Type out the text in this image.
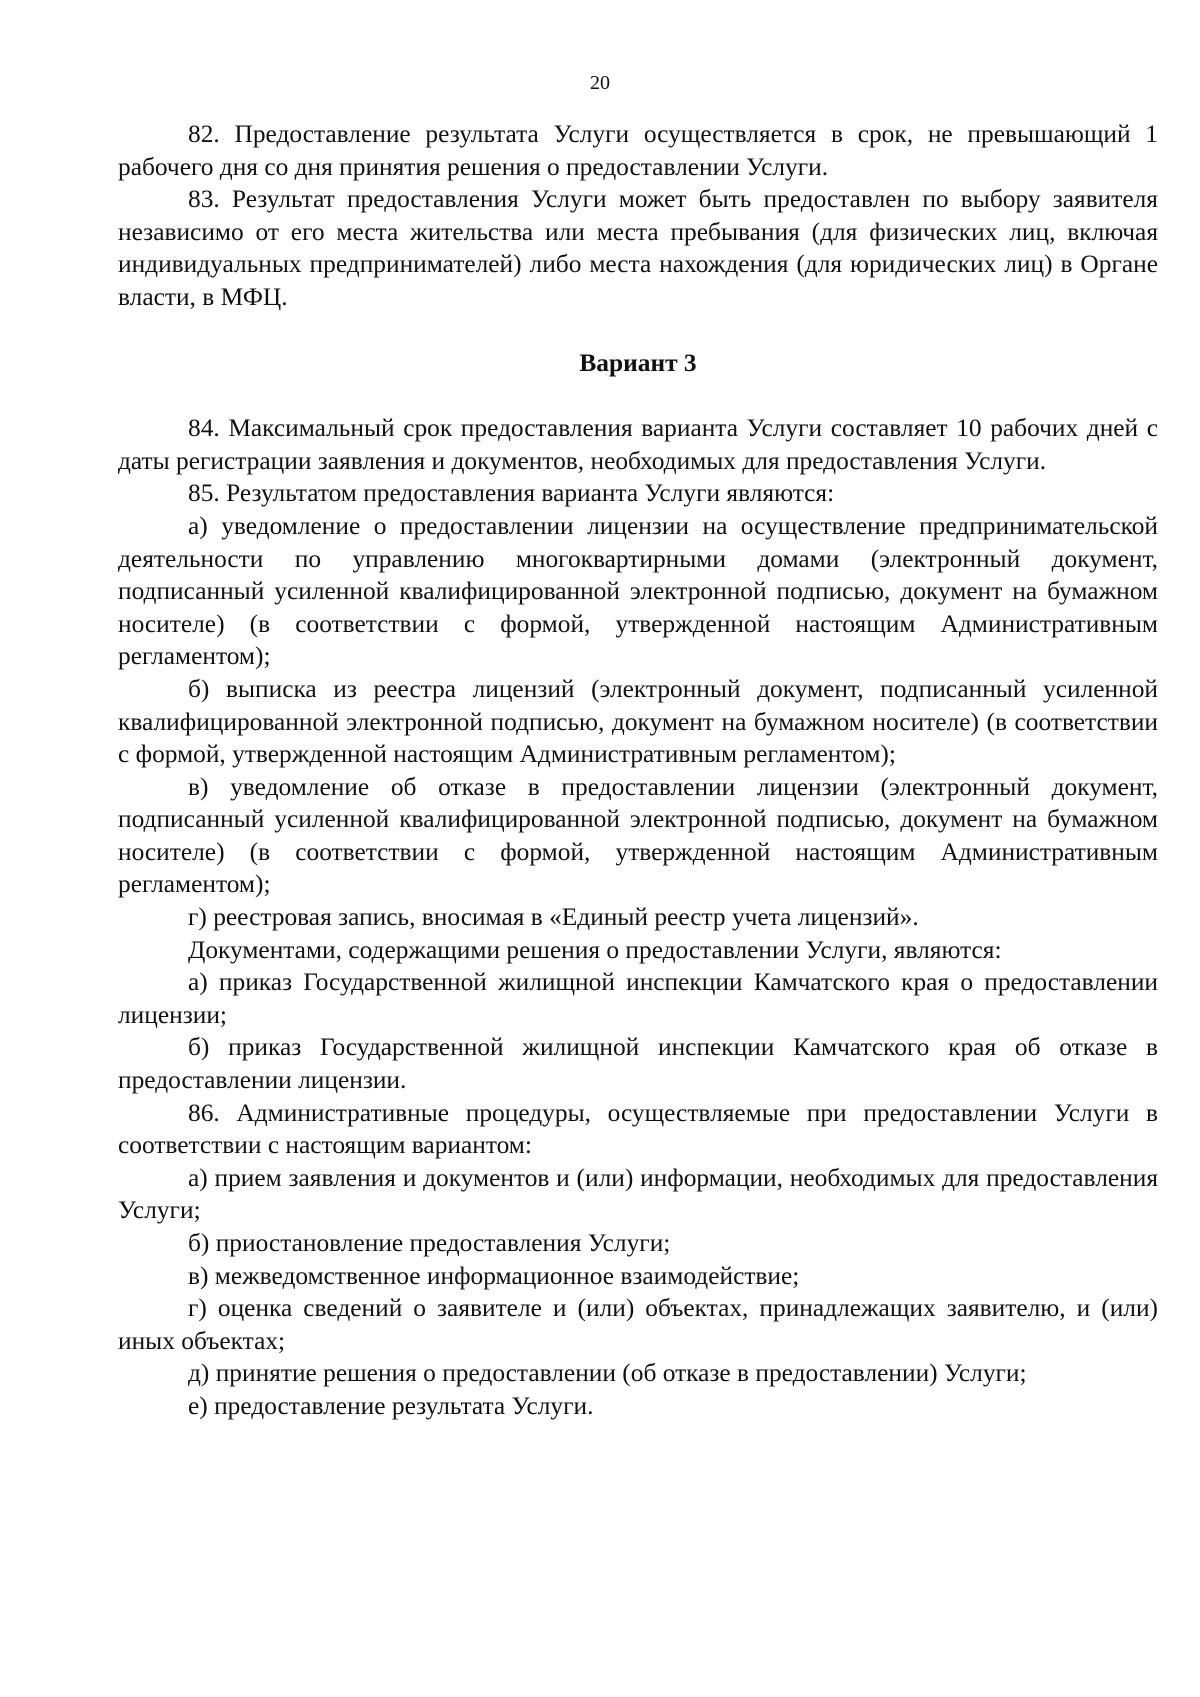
20

82. Предоставление результата Услуги осуществляется в срок, не превышающий 1 рабочего дня со дня принятия решения о предоставлении Услуги.

83. Результат предоставления Услуги может быть предоставлен по выбору заявителя независимо от его места жительства или места пребывания (для физических лиц, включая индивидуальных предпринимателей) либо места нахождения (для юридических лиц) в Органе власти, в МФЦ.

Вариант 3

84. Максимальный срок предоставления варианта Услуги составляет 10 рабочих дней с даты регистрации заявления и документов, необходимых для предоставления Услуги.

85. Результатом предоставления варианта Услуги являются:

а) уведомление о предоставлении лицензии на осуществление предпринимательской деятельности по управлению многоквартирными домами (электронный документ, подписанный усиленной квалифицированной электронной подписью, документ на бумажном носителе) (в соответствии с формой, утвержденной настоящим Административным регламентом);

б) выписка из реестра лицензий (электронный документ, подписанный усиленной квалифицированной электронной подписью, документ на бумажном носителе) (в соответствии с формой, утвержденной настоящим Административным регламентом);

в) уведомление об отказе в предоставлении лицензии (электронный документ, подписанный усиленной квалифицированной электронной подписью, документ на бумажном носителе) (в соответствии с формой, утвержденной настоящим Административным регламентом);

г) реестровая запись, вносимая в «Единый реестр учета лицензий».

Документами, содержащими решения о предоставлении Услуги, являются:

а) приказ Государственной жилищной инспекции Камчатского края о предоставлении лицензии;

б) приказ Государственной жилищной инспекции Камчатского края об отказе в предоставлении лицензии.

86. Административные процедуры, осуществляемые при предоставлении Услуги в соответствии с настоящим вариантом:

а) прием заявления и документов и (или) информации, необходимых для предоставления Услуги;

б) приостановление предоставления Услуги;

в) межведомственное информационное взаимодействие;

г) оценка сведений о заявителе и (или) объектах, принадлежащих заявителю, и (или) иных объектах;

д) принятие решения о предоставлении (об отказе в предоставлении) Услуги;

е) предоставление результата Услуги.
